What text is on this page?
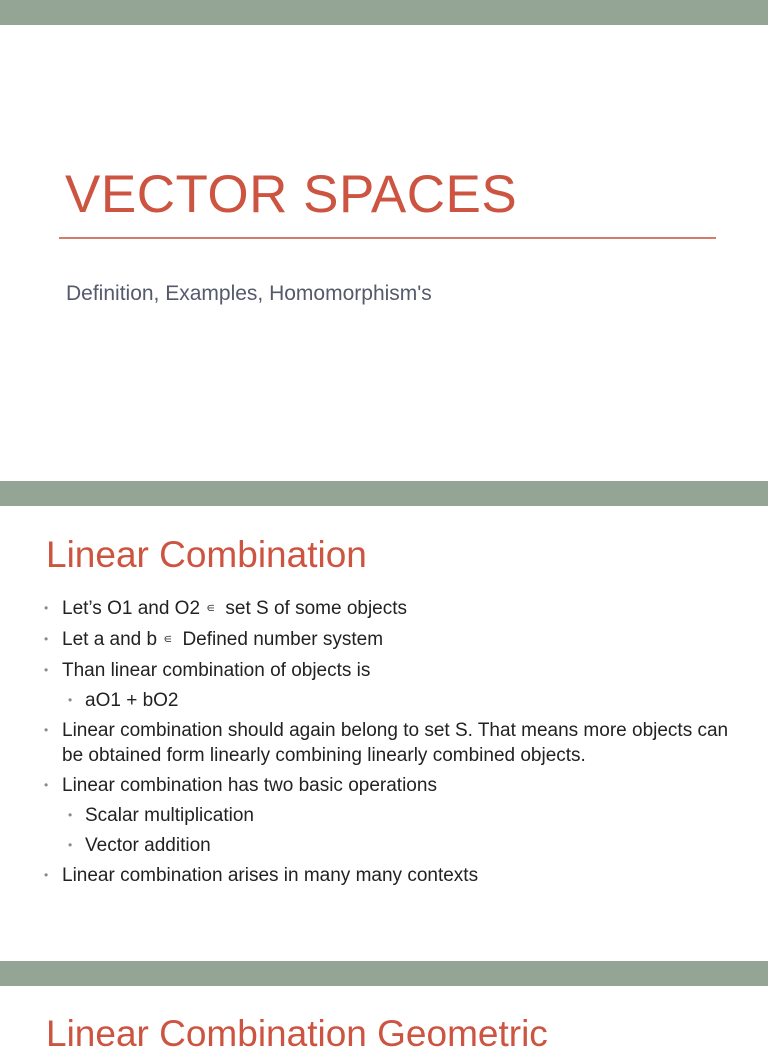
VECTOR SPACES
Definition, Examples, Homomorphism's
Linear Combination
• Let’s O1 and O2 ∊ set S of some objects
• Let a and b ∊ Defined number system
• Than linear combination of objects is
• aO1 + bO2
• Linear combination should again belong to set S. That means more objects can be obtained form linearly combining linearly combined objects.
• Linear combination has two basic operations
• Scalar multiplication
• Vector addition
• Linear combination arises in many many contexts
Linear Combination Geometric
